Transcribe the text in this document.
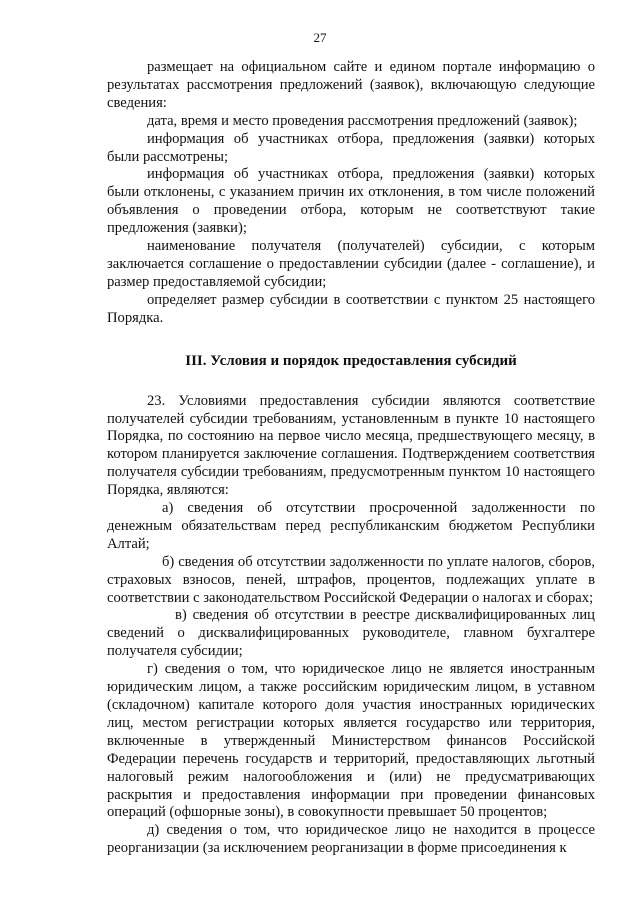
27

размещает на официальном сайте и едином портале информацию о результатах рассмотрения предложений (заявок), включающую следующие сведения:

дата, время и место проведения рассмотрения предложений (заявок);

информация об участниках отбора, предложения (заявки) которых были рассмотрены;

информация об участниках отбора, предложения (заявки) которых были отклонены, с указанием причин их отклонения, в том числе положений объявления о проведении отбора, которым не соответствуют такие предложения (заявки);

наименование получателя (получателей) субсидии, с которым заключается соглашение о предоставлении субсидии (далее - соглашение), и размер предоставляемой субсидии;

определяет размер субсидии в соответствии с пунктом 25 настоящего Порядка.

III. Условия и порядок предоставления субсидий

23. Условиями предоставления субсидии являются соответствие получателей субсидии требованиям, установленным в пункте 10 настоящего Порядка, по состоянию на первое число месяца, предшествующего месяцу, в котором планируется заключение соглашения. Подтверждением соответствия получателя субсидии требованиям, предусмотренным пунктом 10 настоящего Порядка, являются:

а) сведения об отсутствии просроченной задолженности по денежным обязательствам перед республиканским бюджетом Республики Алтай;

б) сведения об отсутствии задолженности по уплате налогов, сборов, страховых взносов, пеней, штрафов, процентов, подлежащих уплате в соответствии с законодательством Российской Федерации о налогах и сборах;

в) сведения об отсутствии в реестре дисквалифицированных лиц сведений о дисквалифицированных руководителе, главном бухгалтере получателя субсидии;

г) сведения о том, что юридическое лицо не является иностранным юридическим лицом, а также российским юридическим лицом, в уставном (складочном) капитале которого доля участия иностранных юридических лиц, местом регистрации которых является государство или территория, включенные в утвержденный Министерством финансов Российской Федерации перечень государств и территорий, предоставляющих льготный налоговый режим налогообложения и (или) не предусматривающих раскрытия и предоставления информации при проведении финансовых операций (офшорные зоны), в совокупности превышает 50 процентов;

д) сведения о том, что юридическое лицо не находится в процессе реорганизации (за исключением реорганизации в форме присоединения к
